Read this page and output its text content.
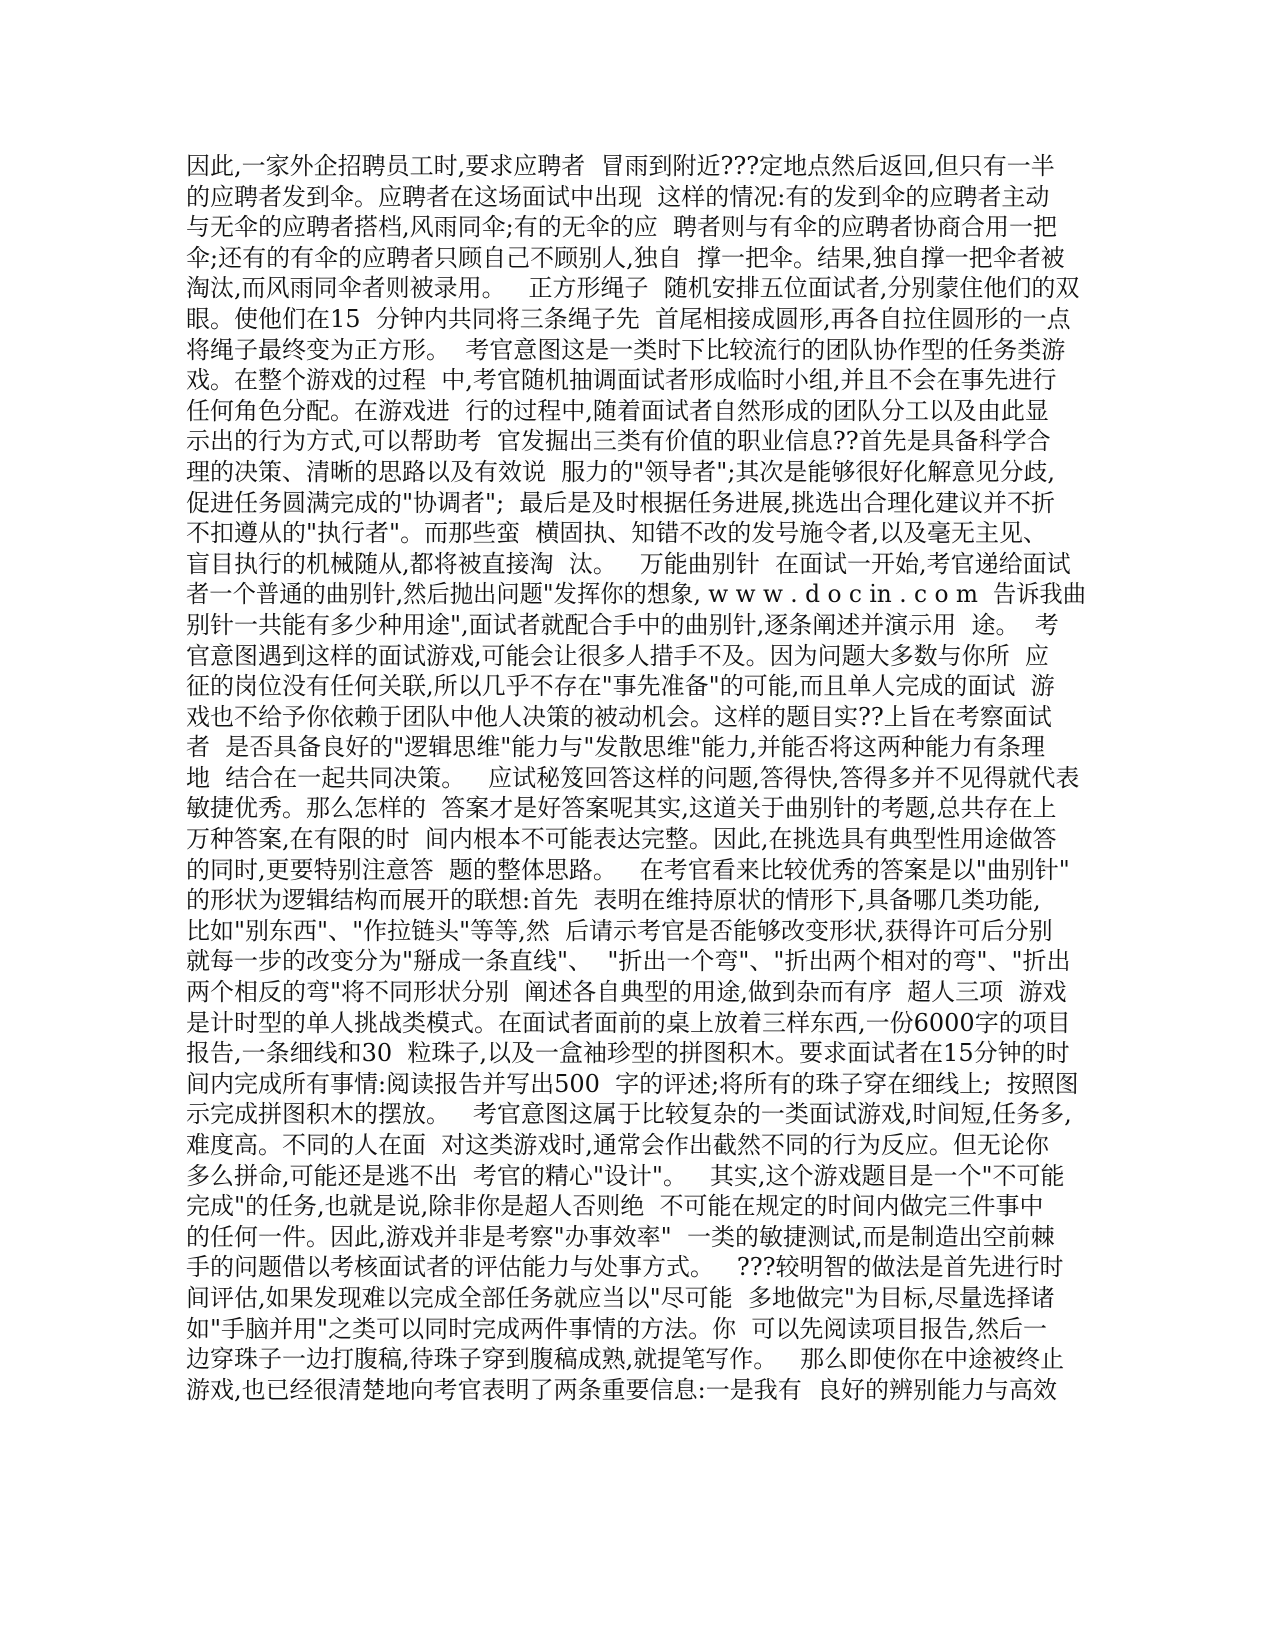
因此,一家外企招聘员工时,要求应聘者  冒雨到附近???定地点然后返回,但只有一半
的应聘者发到伞。应聘者在这场面试中出现  这样的情况:有的发到伞的应聘者主动
与无伞的应聘者搭档,风雨同伞;有的无伞的应  聘者则与有伞的应聘者协商合用一把
伞;还有的有伞的应聘者只顾自己不顾别人,独自  撑一把伞。结果,独自撑一把伞者被
淘汰,而风雨同伞者则被录用。   正方形绳子  随机安排五位面试者,分别蒙住他们的双
眼。使他们在15  分钟内共同将三条绳子先  首尾相接成圆形,再各自拉住圆形的一点
将绳子最终变为正方形。  考官意图这是一类时下比较流行的团队协作型的任务类游
戏。在整个游戏的过程  中,考官随机抽调面试者形成临时小组,并且不会在事先进行
任何角色分配。在游戏进  行的过程中,随着面试者自然形成的团队分工以及由此显
示出的行为方式,可以帮助考  官发掘出三类有价值的职业信息??首先是具备科学合
理的决策、清晰的思路以及有效说  服力的"领导者";其次是能够很好化解意见分歧,
促进任务圆满完成的"协调者";  最后是及时根据任务进展,挑选出合理化建议并不折
不扣遵从的"执行者"。而那些蛮  横固执、知错不改的发号施令者,以及毫无主见、
盲目执行的机械随从,都将被直接淘  汰。   万能曲别针  在面试一开始,考官递给面试
者一个普通的曲别针,然后抛出问题"发挥你的想象, w w w . d o c in . c o m  告诉我曲
别针一共能有多少种用途",面试者就配合手中的曲别针,逐条阐述并演示用  途。  考
官意图遇到这样的面试游戏,可能会让很多人措手不及。因为问题大多数与你所  应
征的岗位没有任何关联,所以几乎不存在"事先准备"的可能,而且单人完成的面试  游
戏也不给予你依赖于团队中他人决策的被动机会。这样的题目实??上旨在考察面试
者  是否具备良好的"逻辑思维"能力与"发散思维"能力,并能否将这两种能力有条理
地  结合在一起共同决策。   应试秘笈回答这样的问题,答得快,答得多并不见得就代表
敏捷优秀。那么怎样的  答案才是好答案呢其实,这道关于曲别针的考题,总共存在上
万种答案,在有限的时  间内根本不可能表达完整。因此,在挑选具有典型性用途做答
的同时,更要特别注意答  题的整体思路。   在考官看来比较优秀的答案是以"曲别针"
的形状为逻辑结构而展开的联想:首先  表明在维持原状的情形下,具备哪几类功能,
比如"别东西"、"作拉链头"等等,然  后请示考官是否能够改变形状,获得许可后分别
就每一步的改变分为"掰成一条直线"、  "折出一个弯"、"折出两个相对的弯"、"折出
两个相反的弯"将不同形状分别  阐述各自典型的用途,做到杂而有序  超人三项  游戏
是计时型的单人挑战类模式。在面试者面前的桌上放着三样东西,一份6000字的项目
报告,一条细线和30  粒珠子,以及一盒袖珍型的拼图积木。要求面试者在15分钟的时
间内完成所有事情:阅读报告并写出500  字的评述;将所有的珠子穿在细线上;  按照图
示完成拼图积木的摆放。   考官意图这属于比较复杂的一类面试游戏,时间短,任务多,
难度高。不同的人在面  对这类游戏时,通常会作出截然不同的行为反应。但无论你
多么拼命,可能还是逃不出  考官的精心"设计"。   其实,这个游戏题目是一个"不可能
完成"的任务,也就是说,除非你是超人否则绝  不可能在规定的时间内做完三件事中
的任何一件。因此,游戏并非是考察"办事效率"  一类的敏捷测试,而是制造出空前棘
手的问题借以考核面试者的评估能力与处事方式。   ???较明智的做法是首先进行时
间评估,如果发现难以完成全部任务就应当以"尽可能  多地做完"为目标,尽量选择诸
如"手脑并用"之类可以同时完成两件事情的方法。你  可以先阅读项目报告,然后一
边穿珠子一边打腹稿,待珠子穿到腹稿成熟,就提笔写作。   那么即使你在中途被终止
游戏,也已经很清楚地向考官表明了两条重要信息:一是我有  良好的辨别能力与高效
